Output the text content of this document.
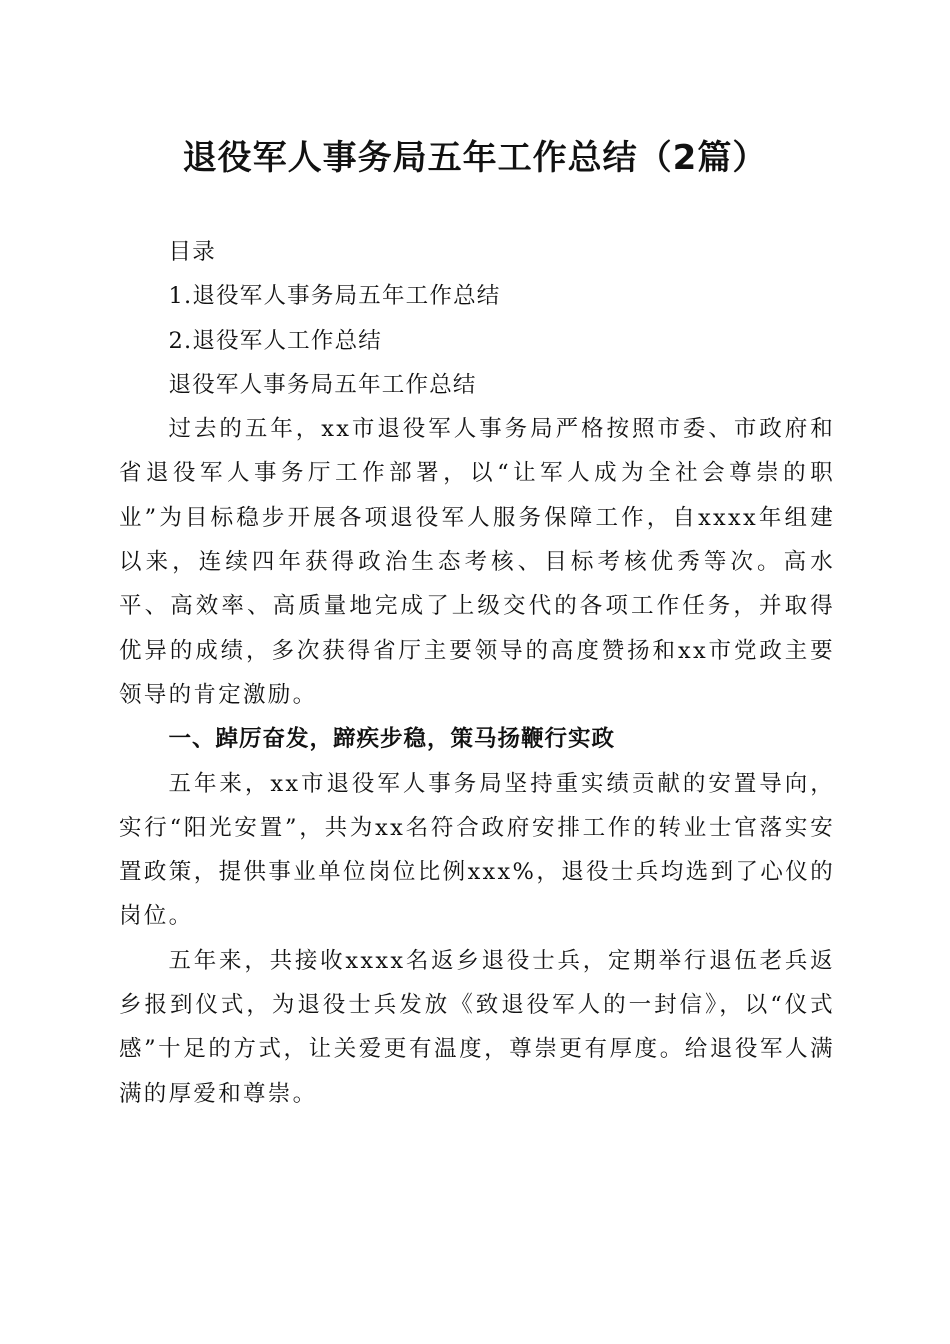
退役军人事务局五年工作总结（2篇）

目录

1.退役军人事务局五年工作总结

2.退役军人工作总结

退役军人事务局五年工作总结

过去的五年，xx市退役军人事务局严格按照市委、市政府和省退役军人事务厅工作部署，以“让军人成为全社会尊崇的职业”为目标稳步开展各项退役军人服务保障工作，自xxxx年组建以来，连续四年获得政治生态考核、目标考核优秀等次。高水平、高效率、高质量地完成了上级交代的各项工作任务，并取得优异的成绩，多次获得省厅主要领导的高度赞扬和xx市党政主要领导的肯定激励。

一、踔厉奋发，蹄疾步稳，策马扬鞭行实政

五年来，xx市退役军人事务局坚持重实绩贡献的安置导向，实行“阳光安置”，共为xx名符合政府安排工作的转业士官落实安置政策，提供事业单位岗位比例xxx%，退役士兵均选到了心仪的岗位。

五年来，共接收xxxx名返乡退役士兵，定期举行退伍老兵返乡报到仪式，为退役士兵发放《致退役军人的一封信》，以“仪式感”十足的方式，让关爱更有温度，尊崇更有厚度。给退役军人满满的厚爱和尊崇。
